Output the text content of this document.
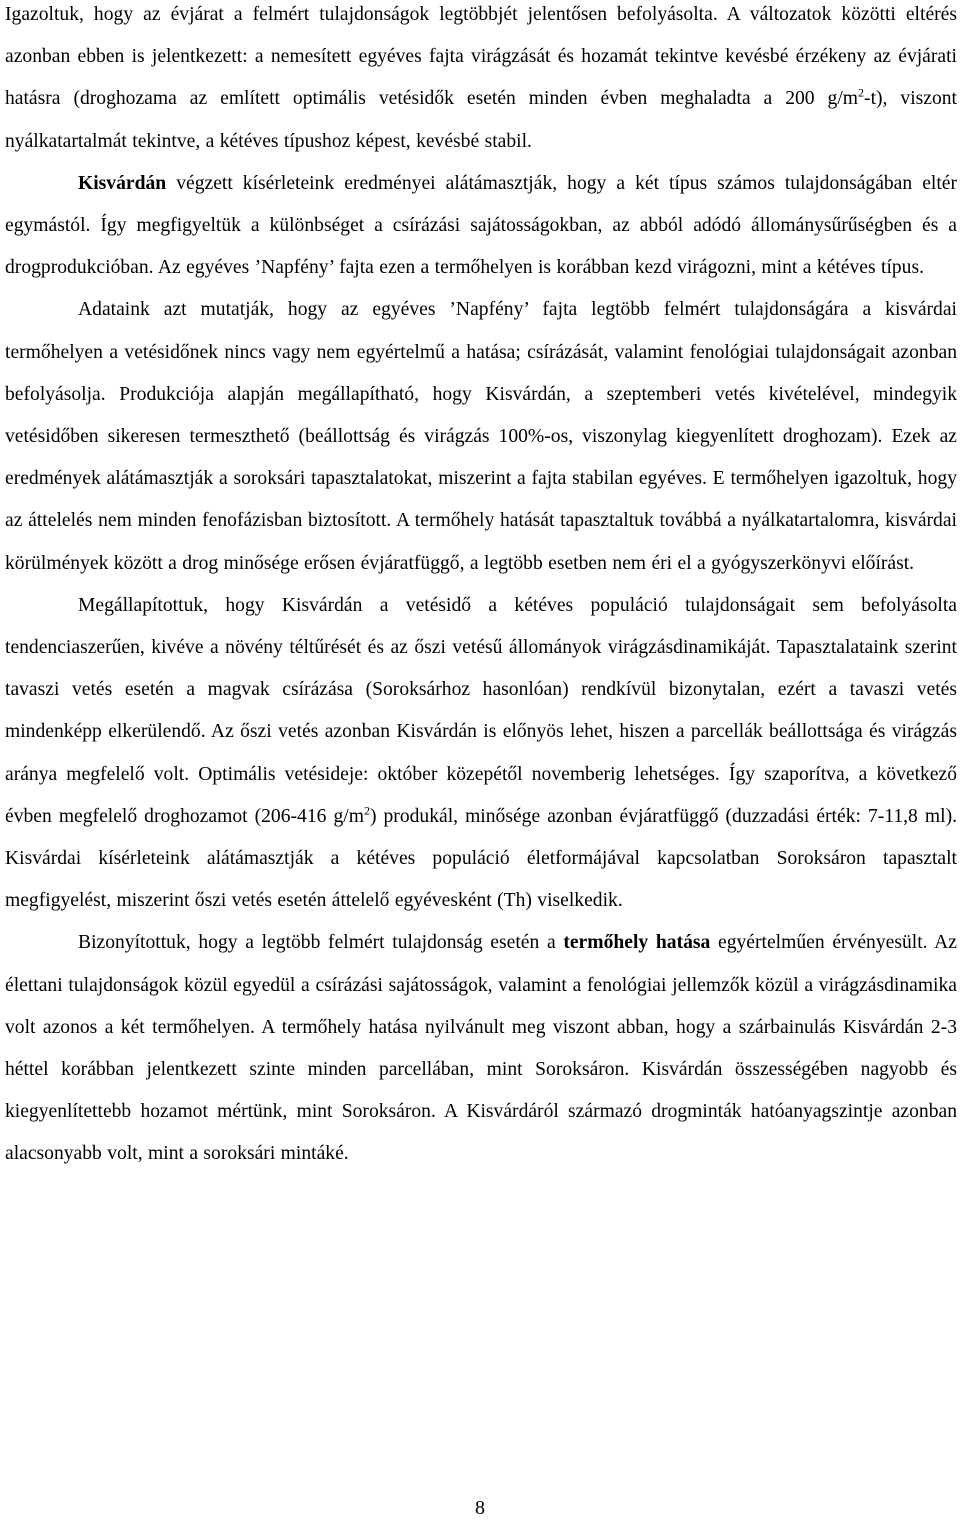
Igazoltuk, hogy az évjárat a felmért tulajdonságok legtöbbjét jelentősen befolyásolta. A változatok közötti eltérés azonban ebben is jelentkezett: a nemesített egyéves fajta virágzását és hozamát tekintve kevésbé érzékeny az évjárati hatásra (droghozama az említett optimális vetésidők esetén minden évben meghaladta a 200 $g/m^2-t$), viszont nyálkatartalmát tekintve, a kétéves típushoz képest, kevésbé stabil.

Kisvárdán végzett kísérleteink eredményei alátámasztják, hogy a két típus számos tulajdonságában eltér egymástól. Így megfigyeltük a különbséget a csírázási sajátosságokban, az abból adódó állománysűrűségben és a drogprodukcióban. Az egyéves ’Napfény’ fajta ezen a termőhelyen is korábban kezd virágozni, mint a kétéves típus.

Adataink azt mutatják, hogy az egyéves ’Napfény’ fajta legtöbb felmért tulajdonságára a kisvárdai termőhelyen a vetésidőnek nincs vagy nem egyértelmű a hatása; csírázását, valamint fenológiai tulajdonságait azonban befolyásolja. Produkciója alapján megállapítható, hogy Kisvárdán, a szeptemberi vetés kivételével, mindegyik vetésidőben sikeresen termeszthető (beállottság és virágzás 100%-os, viszonylag kiegyenlített droghozam). Ezek az eredmények alátámasztják a soroksári tapasztalatokat, miszerint a fajta stabilan egyéves. E termőhelyen igazoltuk, hogy az áttelelés nem minden fenofázisban biztosított. A termőhely hatását tapasztaltuk továbbá a nyálkatartalomra, kisvárdai körülmények között a drog minősége erősen évjáratfüggő, a legtöbb esetben nem éri el a gyógyszerkönyvi előírást.

Megállapítottuk, hogy Kisvárdán a vetésidő a kétéves populáció tulajdonságait sem befolyásolta tendenciaszerűen, kivéve a növény téltűrését és az őszi vetésű állományok virágzásdinamikáját. Tapasztalataink szerint tavaszi vetés esetén a magvak csírázása (Soroksárhoz hasonlóan) rendkívül bizonytalan, ezért a tavaszi vetés mindenképp elkerülendő. Az őszi vetés azonban Kisvárdán is előnyös lehet, hiszen a parcellák beállottsága és virágzás aránya megfelelő volt. Optimális vetésideje: október közepétől novemberig lehetséges. Így szaporítva, a következő évben megfelelő droghozamot (206-416 $g/m^2$) produkál, minősége azonban évjáratfüggő (duzzadási érték: 7-11,8 ml). Kisvárdai kísérleteink alátámasztják a kétéves populáció életformájával kapcsolatban Soroksáron tapasztalt megfigyelést, miszerint őszi vetés esetén áttelelő egyévesként (Th) viselkedik.

Bizonyítottuk, hogy a legtöbb felmért tulajdonság esetén a termőhely hatása egyértelműen érvényesült. Az élettani tulajdonságok közül egyedül a csírázási sajátosságok, valamint a fenológiai jellemzők közül a virágzásdinamika volt azonos a két termőhelyen. A termőhely hatása nyilvánult meg viszont abban, hogy a szárbainulás Kisvárdán 2-3 héttel korábban jelentkezett szinte minden parcellában, mint Soroksáron. Kisvárdán összességében nagyobb és kiegyenlítettebb hozamot mértünk, mint Soroksáron. A Kisvárdáról származó drogminták hatóanyagszintje azonban alacsonyabb volt, mint a soroksári mintáké.

8
